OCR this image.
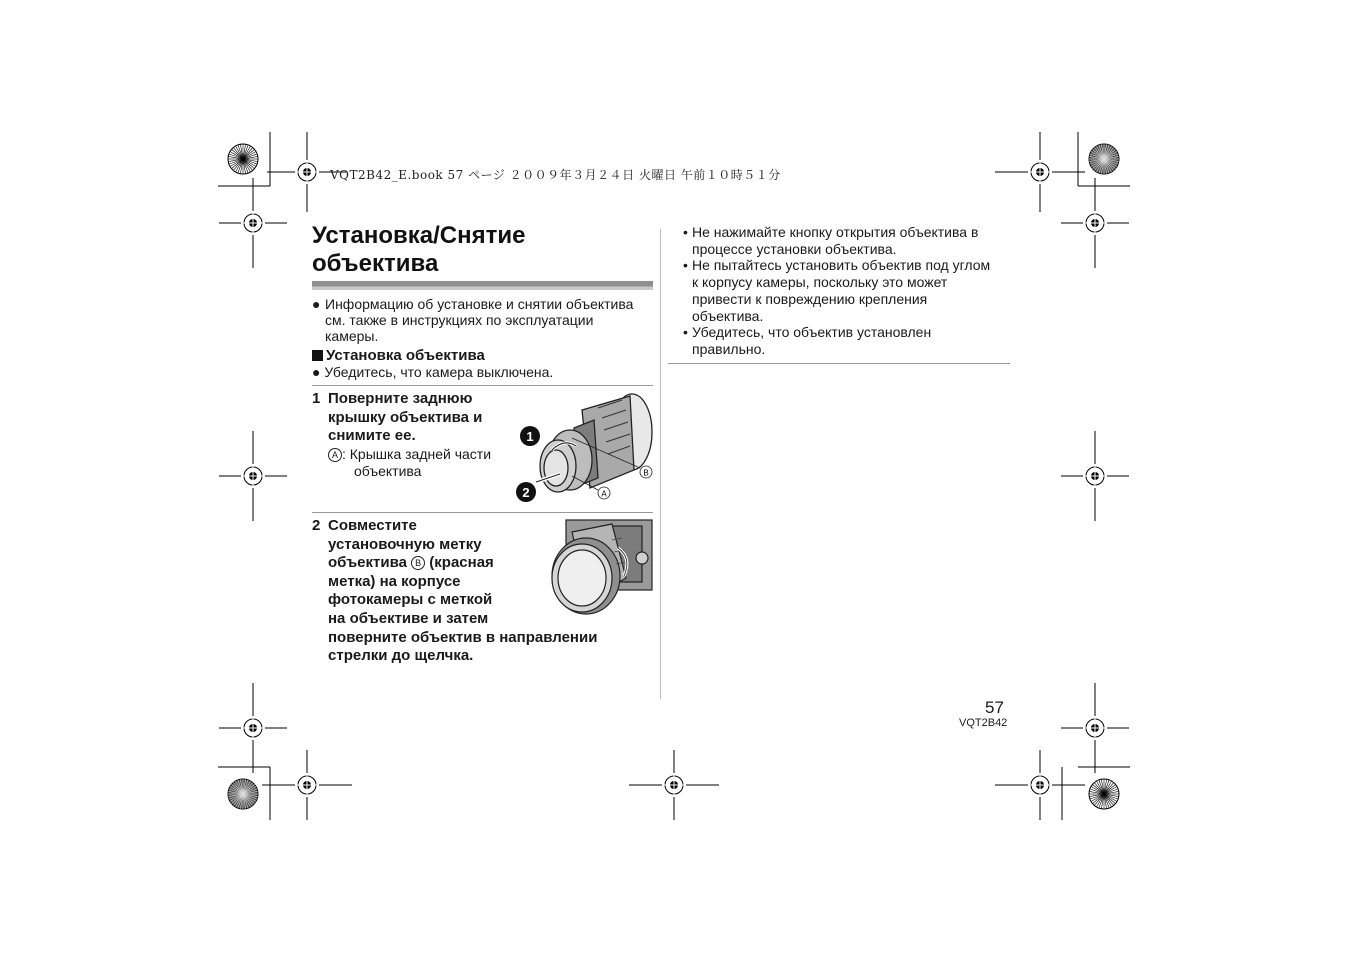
VQT2B42_E.book 57 ページ ２００９年３月２４日 火曜日 午前１０時５１分
Установка/Снятие
объектива
● Информацию об установке и снятии объектива
см. также в инструкциях по эксплуатации
камеры.
Установка объектива
● Убедитесь, что камера выключена.
1 Поверните заднюю
крышку объектива и
снимите ее.
A : Крышка задней части
объектива
1
2
B
A
2 Совместите
установочную метку
объектива B (красная
метка) на корпусе
фотокамеры с меткой
на объективе и затем
поверните объектив в направлении
стрелки до щелчка.
• Не нажимайте кнопку открытия объектива в
процессе установки объектива.
• Не пытайтесь установить объектив под углом
к корпусу камеры, поскольку это может
привести к повреждению крепления
объектива.
• Убедитесь, что объектив установлен
правильно.
57
VQT2B42
